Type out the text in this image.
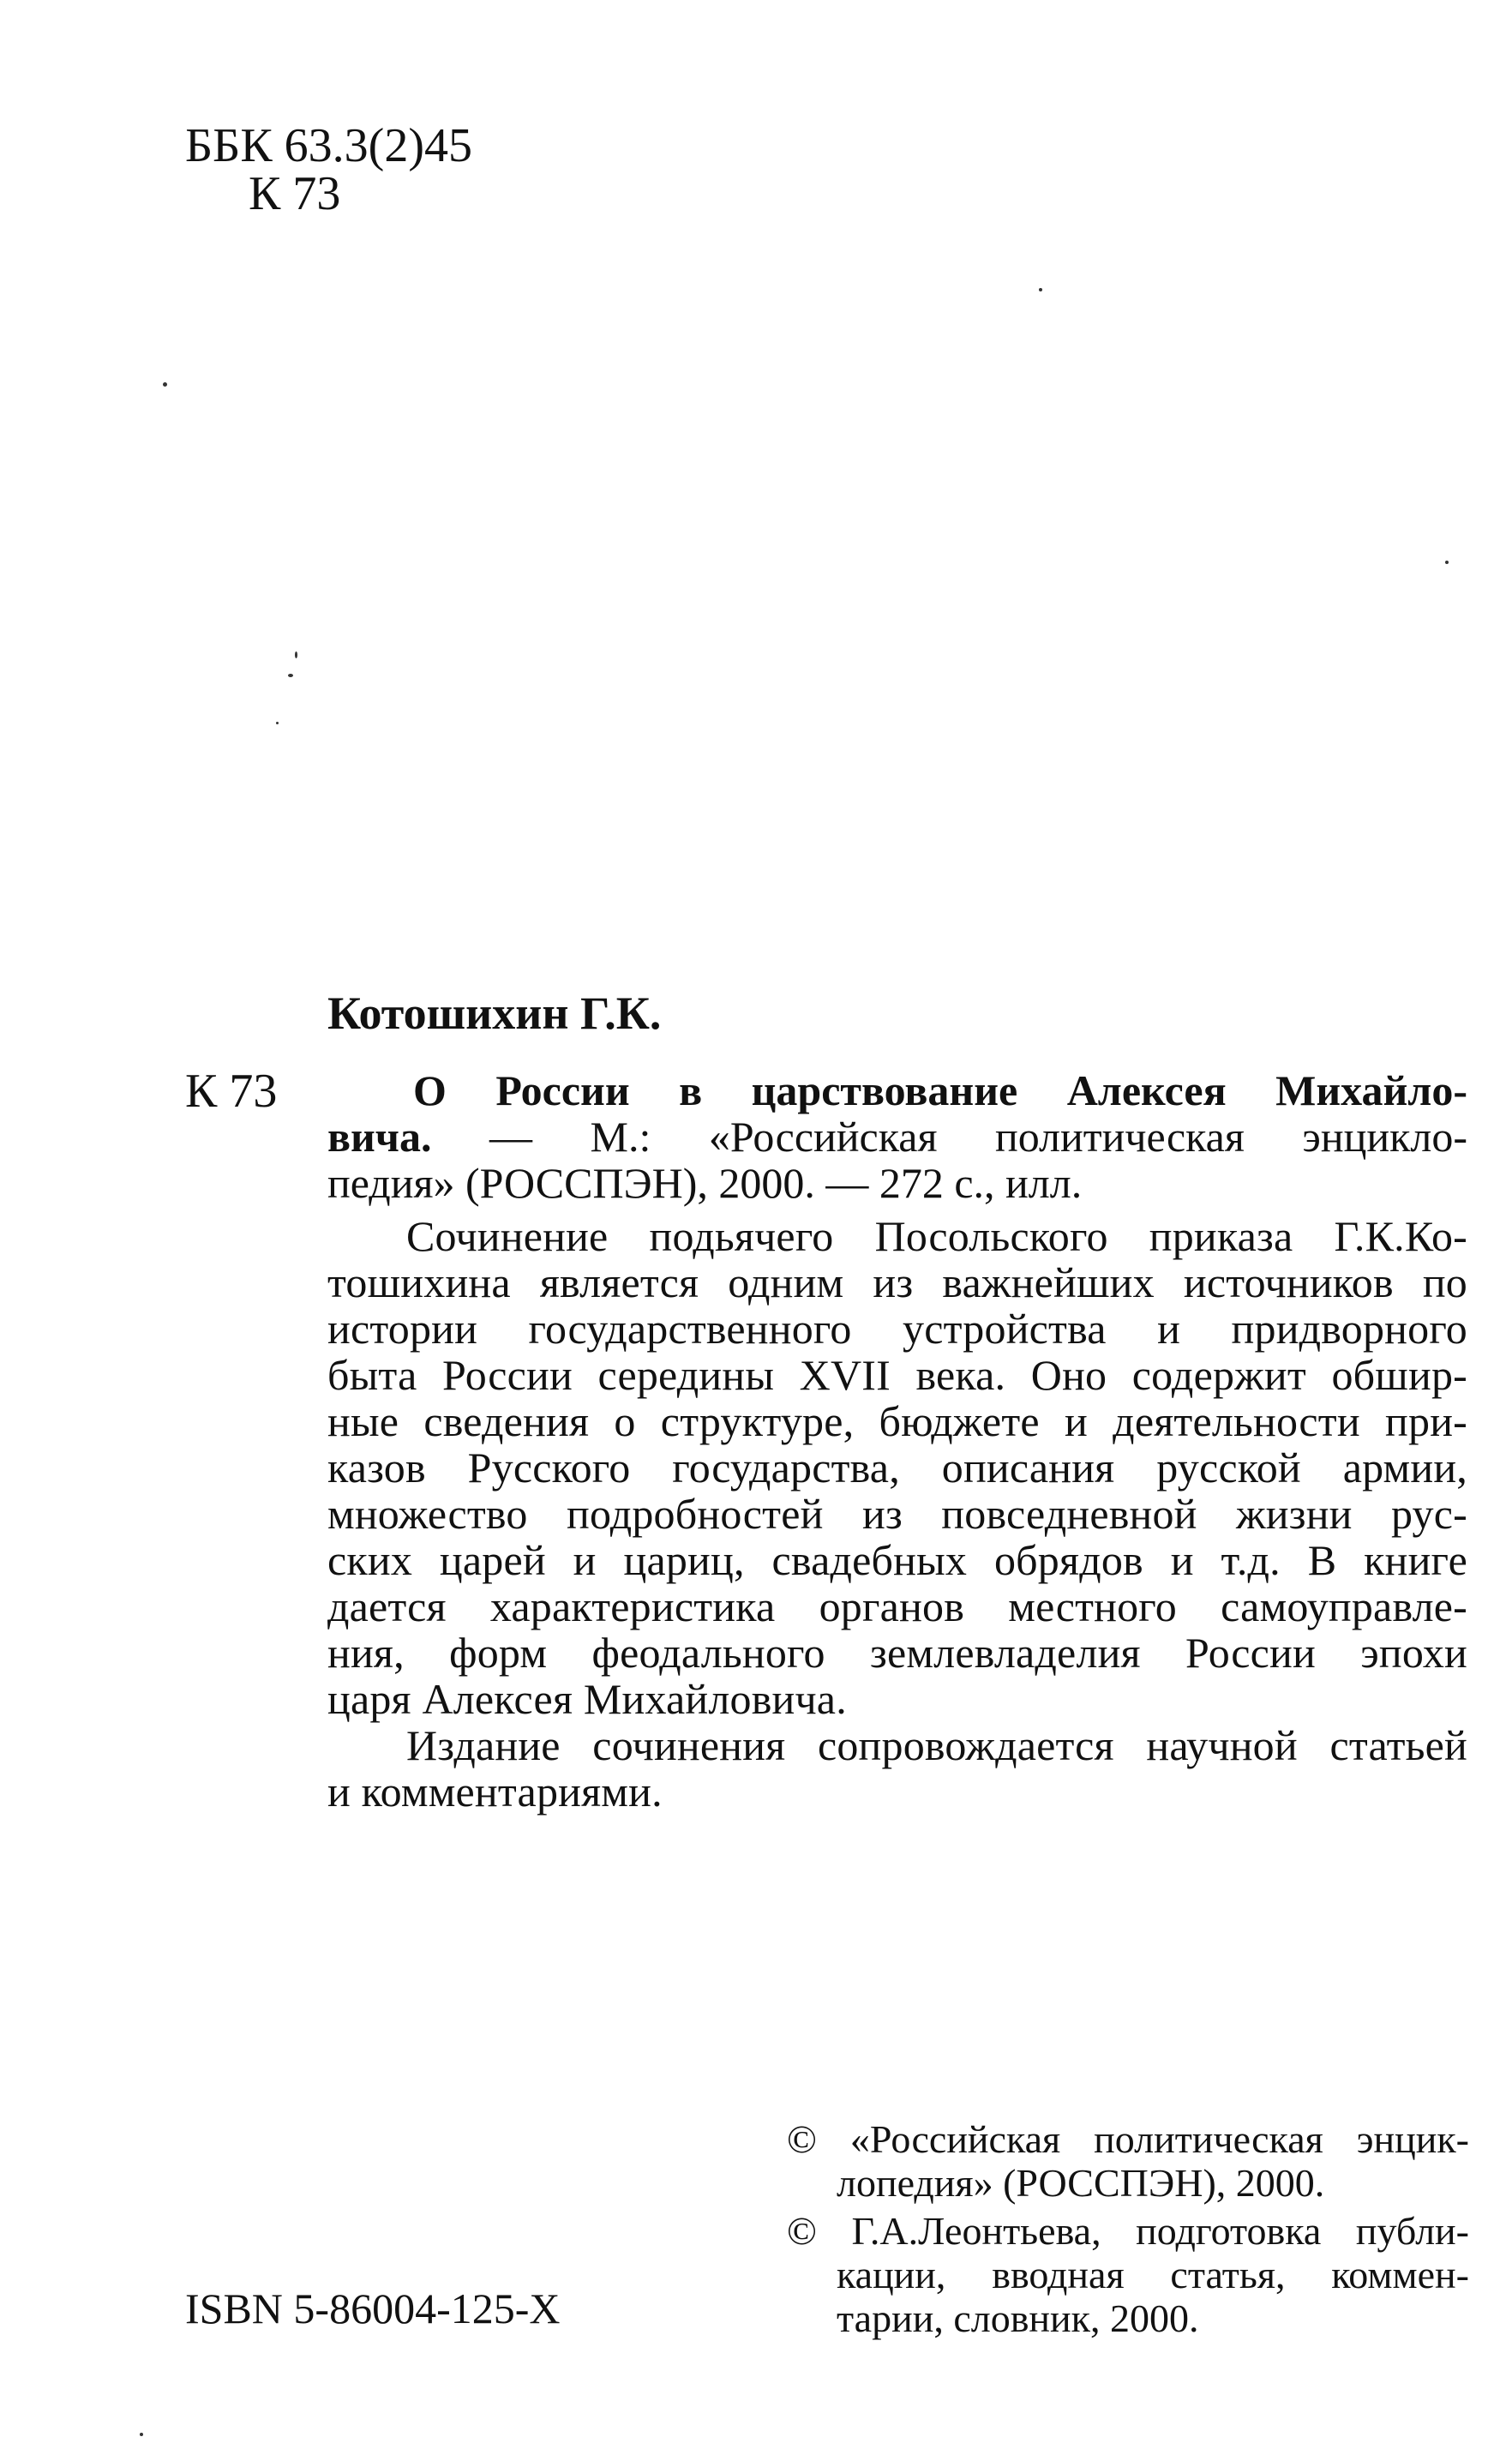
ББК 63.3(2)45
К 73
Котошихин Г.К.
К 73	О России в царствование Алексея Михайло-
вича. — М.: «Российская политическая энцикло-
педия» (РОССПЭН), 2000. — 272 с., илл.
Сочинение подьячего Посольского приказа Г.К.Ко-
тошихина является одним из важнейших источников по
истории государственного устройства и придворного
быта России середины XVII века. Оно содержит обшир-
ные сведения о структуре, бюджете и деятельности при-
казов Русского государства, описания русской армии,
множество подробностей из повседневной жизни рус-
ских царей и цариц, свадебных обрядов и т.д. В книге
дается характеристика органов местного самоуправле-
ния, форм феодального землевладелия России эпохи
царя Алексея Михайловича.
Издание сочинения сопровождается научной статьей
и комментариями.
© «Российская политическая энцик-
лопедия» (РОССПЭН), 2000.
© Г.А.Леонтьева, подготовка публи-
кации, вводная статья, коммен-
тарии, словник, 2000.
ISBN 5-86004-125-X
